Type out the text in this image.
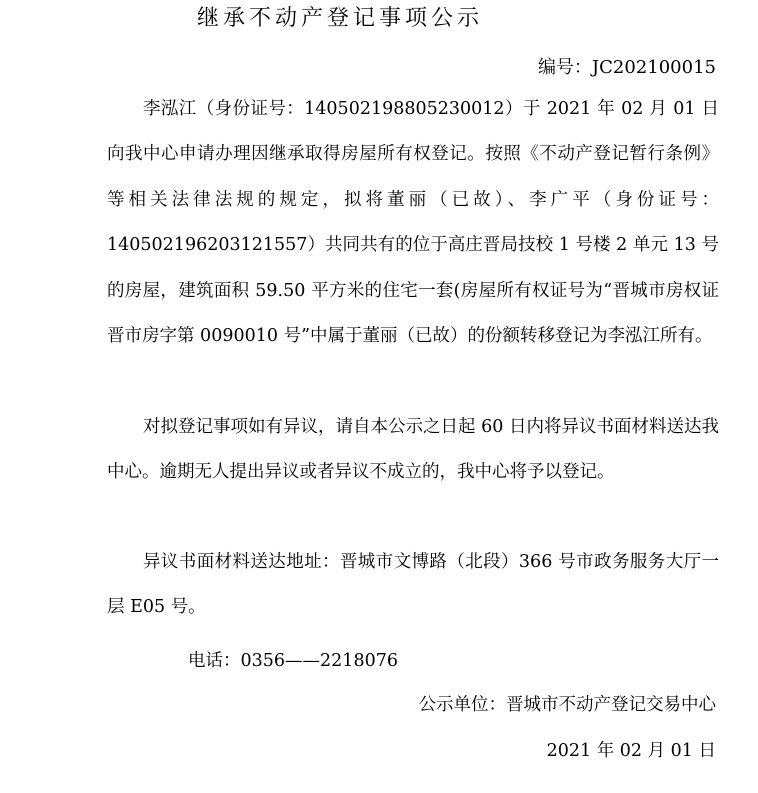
继承不动产登记事项公示
编号：JC202100015

李泓江（身份证号：140502198805230012）于 2021 年 02 月 01 日向我中心申请办理因继承取得房屋所有权登记。按照《不动产登记暂行条例》等相关法律法规的规定，拟将董丽（已故）、李广平（身份证号：140502196203121557）共同共有的位于高庄晋局技校 1 号楼 2 单元 13 号的房屋，建筑面积 59.50 平方米的住宅一套(房屋所有权证号为“晋城市房权证晋市房字第 0090010 号”中属于董丽（已故）的份额转移登记为李泓江所有。

对拟登记事项如有异议，请自本公示之日起 60 日内将异议书面材料送达我中心。逾期无人提出异议或者异议不成立的，我中心将予以登记。

异议书面材料送达地址：晋城市文博路（北段）366 号市政务服务大厅一层 E05 号。

电话：0356——2218076
公示单位：晋城市不动产登记交易中心
2021 年 02 月 01 日
